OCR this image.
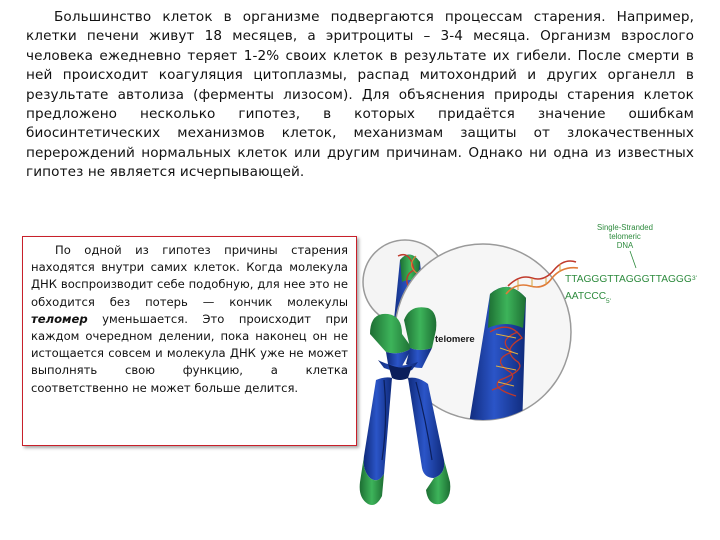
Большинство клеток в организме подвергаются процессам старения. Например, клетки печени живут 18 месяцев, а эритроциты – 3-4 месяца. Организм взрослого человека ежедневно теряет 1-2% своих клеток в результате их гибели. После смерти в ней происходит коагуляция цитоплазмы, распад митохондрий и других органелл в результате автолиза (ферменты лизосом). Для объяснения природы старения клеток предложено несколько гипотез, в которых придаётся значение ошибкам биосинтетических механизмов клеток, механизмам защиты от злокачественных перерождений нормальных клеток или другим причинам. Однако ни одна из известных гипотез не является исчерпывающей.

По одной из гипотез причины старения находятся внутри самих клеток. Когда молекула ДНК воспроизводит себе подобную, для нее это не обходится без потерь — кончик молекулы теломер уменьшается. Это происходит при каждом очередном делении, пока наконец он не истощается совсем и молекула ДНК уже не может выполнять свою функцию, а клетка соответственно не может больше делится.

telomere
Single-Stranded
telomeric
DNA
TTAGGGTTAGGGTTAGGG 3'
AATCCC 5'
